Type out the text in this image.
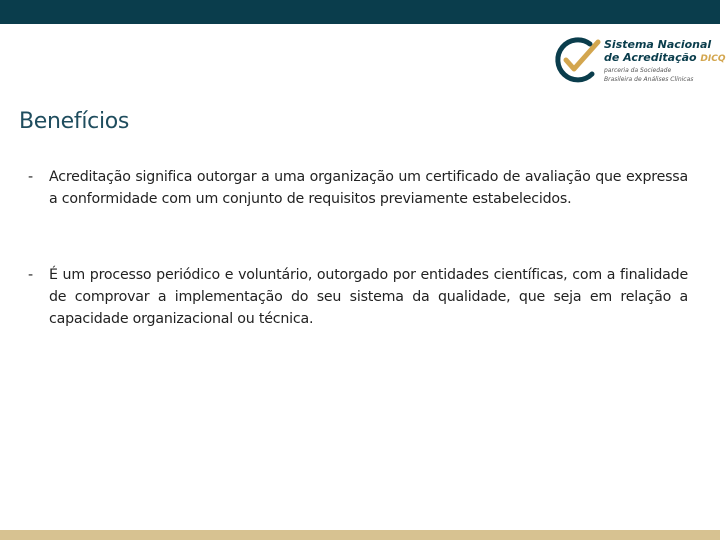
Sistema Nacional
de Acreditação DICQ
parceria da Sociedade
Brasileira de Análises Clínicas
Benefícios
- Acreditação significa outorgar a uma organização um certificado de avaliação que expressa a conformidade com um conjunto de requisitos previamente estabelecidos.
- É um processo periódico e voluntário, outorgado por entidades científicas, com a finalidade de comprovar a implementação do seu sistema da qualidade, que seja em relação a capacidade organizacional ou técnica.
